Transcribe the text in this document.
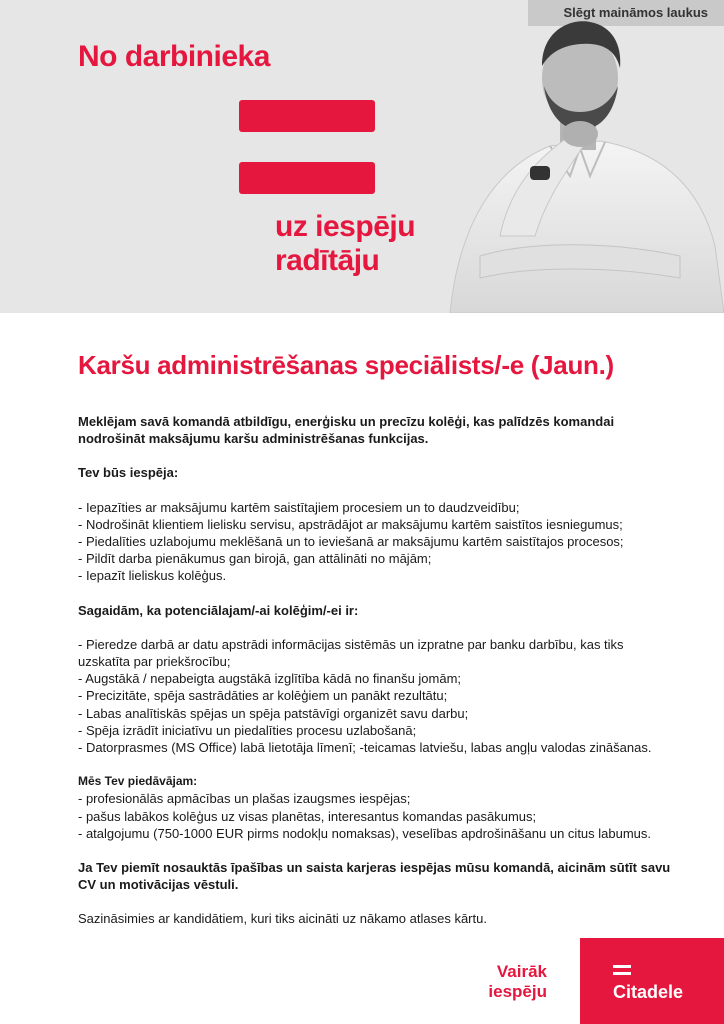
Slēgt maināmos laukus
No darbinieka
uz iespēju
radītāju
Karšu administrēšanas speciālists/-e (Jaun.)

Meklējam savā komandā atbildīgu, enerģisku un precīzu kolēģi, kas palīdzēs komandai nodrošināt maksājumu karšu administrēšanas funkcijas.

Tev būs iespēja:

- Iepazīties ar maksājumu kartēm saistītajiem procesiem un to daudzveidību;
- Nodrošināt klientiem lielisku servisu, apstrādājot ar maksājumu kartēm saistītos iesniegumus;
- Piedalīties uzlabojumu meklēšanā un to ieviešanā ar maksājumu kartēm saistītajos procesos;
- Pildīt darba pienākumus gan birojā, gan attālināti no mājām;
- Iepazīt lieliskus kolēģus.

Sagaidām, ka potenciālajam/-ai kolēģim/-ei ir:

- Pieredze darbā ar datu apstrādi informācijas sistēmās un izpratne par banku darbību, kas tiks uzskatīta par priekšrocību;
- Augstākā / nepabeigta augstākā izglītība kādā no finanšu jomām;
- Precizitāte, spēja sastrādāties ar kolēģiem un panākt rezultātu;
- Labas analītiskās spējas un spēja patstāvīgi organizēt savu darbu;
- Spēja izrādīt iniciatīvu un piedalīties procesu uzlabošanā;
- Datorprasmes (MS Office) labā lietotāja līmenī; -teicamas latviešu, labas angļu valodas zināšanas.

Mēs Tev piedāvājam:

- profesionālās apmācības un plašas izaugsmes iespējas;
- pašus labākos kolēģus uz visas planētas, interesantus komandas pasākumus;
- atalgojumu (750-1000 EUR pirms nodokļu nomaksas), veselības apdrošināšanu un citus labumus.

Ja Tev piemīt nosauktās īpašības un saista karjeras iespējas mūsu komandā, aicinām sūtīt savu CV un motivācijas vēstuli.

Sazināsimies ar kandidātiem, kuri tiks aicināti uz nākamo atlases kārtu.

Vairāk
iespēju	Citadele
